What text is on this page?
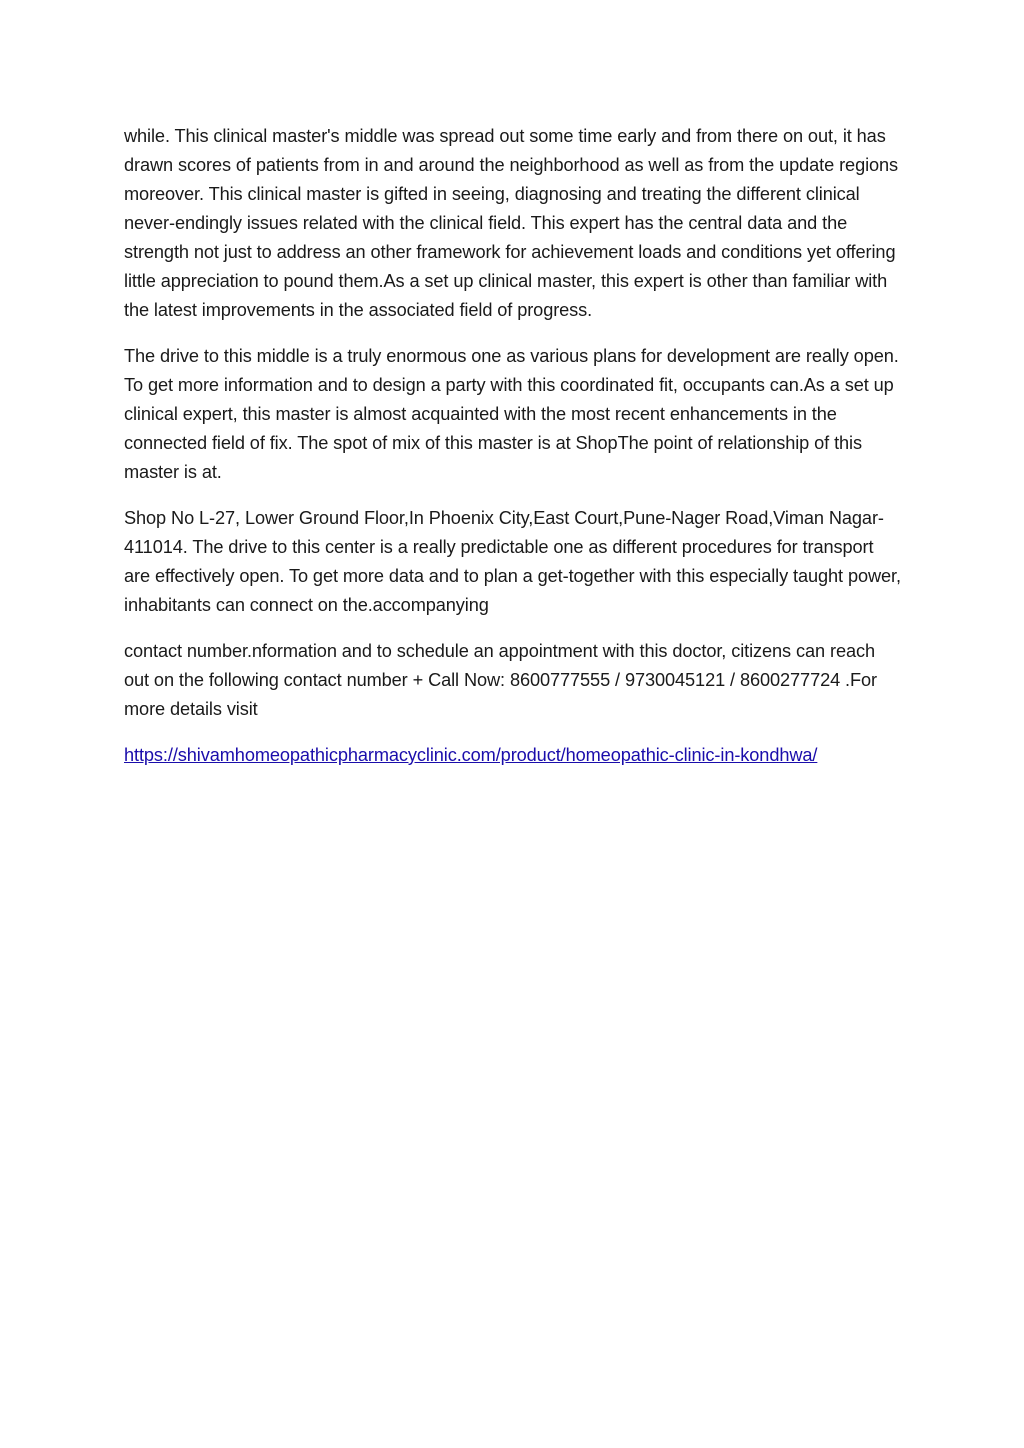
while. This clinical master's middle was spread out some time early and from there on out, it has drawn scores of patients from in and around the neighborhood as well as from the update regions moreover. This clinical master is gifted in seeing, diagnosing and treating the different clinical never-endingly issues related with the clinical field. This expert has the central data and the strength not just to address an other framework for achievement loads and conditions yet offering little appreciation to pound them.As a set up clinical master, this expert is other than familiar with the latest improvements in the associated field of progress.

The drive to this middle is a truly enormous one as various plans for development are really open. To get more information and to design a party with this coordinated fit, occupants can.As a set up clinical expert, this master is almost acquainted with the most recent enhancements in the connected field of fix. The spot of mix of this master is at ShopThe point of relationship of this master is at.

Shop No L-27, Lower Ground Floor,In Phoenix City,East Court,Pune-Nager Road,Viman Nagar-411014. The drive to this center is a really predictable one as different procedures for transport are effectively open. To get more data and to plan a get-together with this especially taught power, inhabitants can connect on the.accompanying

contact number.nformation and to schedule an appointment with this doctor, citizens can reach out on the following contact number + Call Now: 8600777555 / 9730045121 / 8600277724 .For more details visit

https://shivamhomeopathicpharmacyclinic.com/product/homeopathic-clinic-in-kondhwa/
